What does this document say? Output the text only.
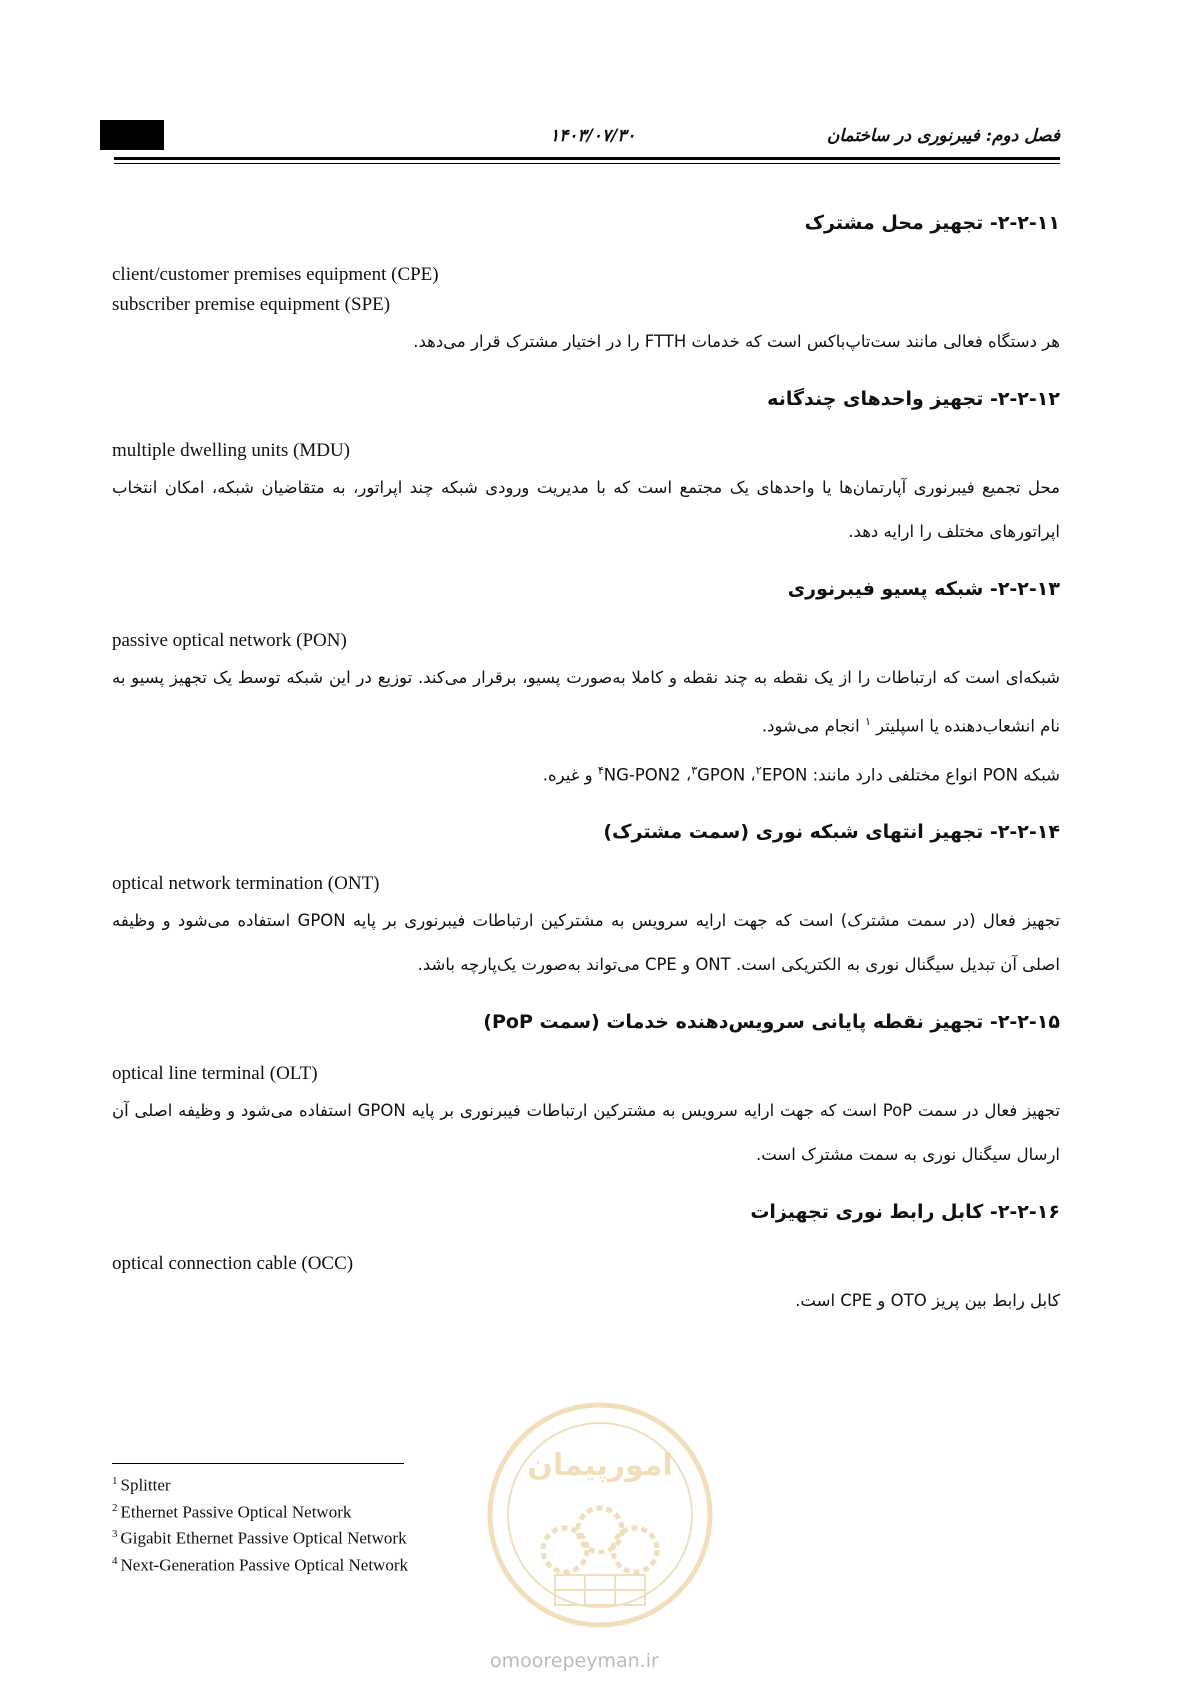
۱۴۰۳/۰۷/۳۰	فصل دوم: فیبرنوری در ساختمان
۲-۲-۱۱- تجهیز محل مشترک
client/customer premises equipment (CPE)
subscriber premise equipment (SPE)
هر دستگاه فعالی مانند ست‌تاپ‌باکس است که خدمات FTTH را در اختیار مشترک قرار می‌دهد.
۲-۲-۱۲- تجهیز واحدهای چندگانه
multiple dwelling units (MDU)
محل تجمیع فیبرنوری آپارتمان‌ها یا واحدهای یک مجتمع است که با مدیریت ورودی شبکه چند اپراتور، به متقاضیان شبکه، امکان انتخاب اپراتورهای مختلف را ارایه دهد.
۲-۲-۱۳- شبکه پسیو فیبرنوری
passive optical network (PON)
شبکه‌ای است که ارتباطات را از یک نقطه به چند نقطه و کاملا به‌صورت پسیو، برقرار می‌کند. توزیع در این شبکه توسط یک تجهیز پسیو به نام انشعاب‌دهنده یا اسپلیتر $^۱$ انجام می‌شود.
شبکه PON انواع مختلفی دارد مانند: EPON$^۲$، GPON$^۳$، $NG-PON2^۴$ و غیره.
۲-۲-۱۴- تجهیز انتهای شبکه نوری (سمت مشترک)
optical network termination (ONT)
تجهیز فعال (در سمت مشترک) است که جهت ارایه سرویس به مشترکین ارتباطات فیبرنوری بر پایه GPON استفاده می‌شود و وظیفه اصلی آن تبدیل سیگنال نوری به الکتریکی است. ONT و CPE می‌تواند به‌صورت یک‌پارچه باشد.
۲-۲-۱۵- تجهیز نقطه پایانی سرویس‌دهنده خدمات (سمت PoP)
optical line terminal (OLT)
تجهیز فعال در سمت PoP است که جهت ارایه سرویس به مشترکین ارتباطات فیبرنوری بر پایه GPON استفاده می‌شود و وظیفه اصلی آن ارسال سیگنال نوری به سمت مشترک است.
۲-۲-۱۶- کابل رابط نوری تجهیزات
optical connection cable (OCC)
کابل رابط بین پریز OTO و CPE است.
امورپیمان
omoorepeyman.ir
$^1$ Splitter
$^2$ Ethernet Passive Optical Network
$^3$ Gigabit Ethernet Passive Optical Network
$^4$ Next-Generation Passive Optical Network
